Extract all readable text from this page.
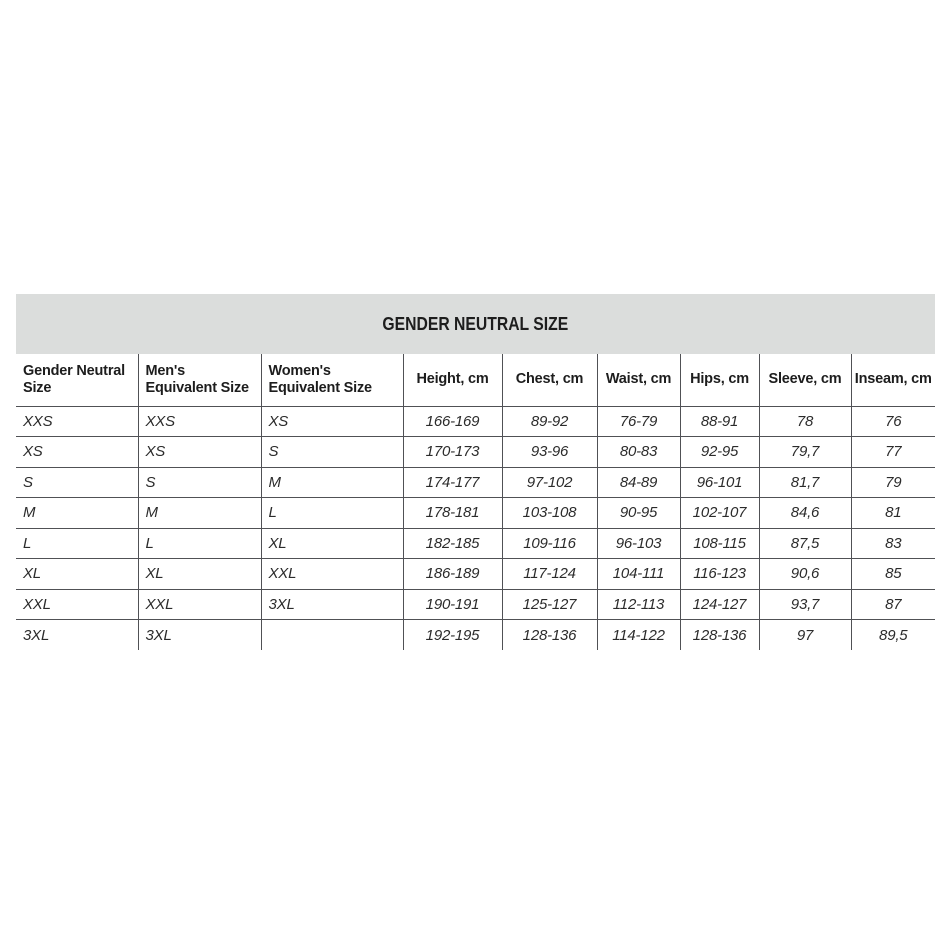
GENDER NEUTRAL SIZE
Gender Neutral Size	Men's Equivalent Size	Women's Equivalent Size	Height, cm	Chest, cm	Waist, cm	Hips, cm	Sleeve, cm	Inseam, cm
XXS	XXS	XS	166-169	89-92	76-79	88-91	78	76
XS	XS	S	170-173	93-96	80-83	92-95	79,7	77
S	S	M	174-177	97-102	84-89	96-101	81,7	79
M	M	L	178-181	103-108	90-95	102-107	84,6	81
L	L	XL	182-185	109-116	96-103	108-115	87,5	83
XL	XL	XXL	186-189	117-124	104-111	116-123	90,6	85
XXL	XXL	3XL	190-191	125-127	112-113	124-127	93,7	87
3XL	3XL		192-195	128-136	114-122	128-136	97	89,5
